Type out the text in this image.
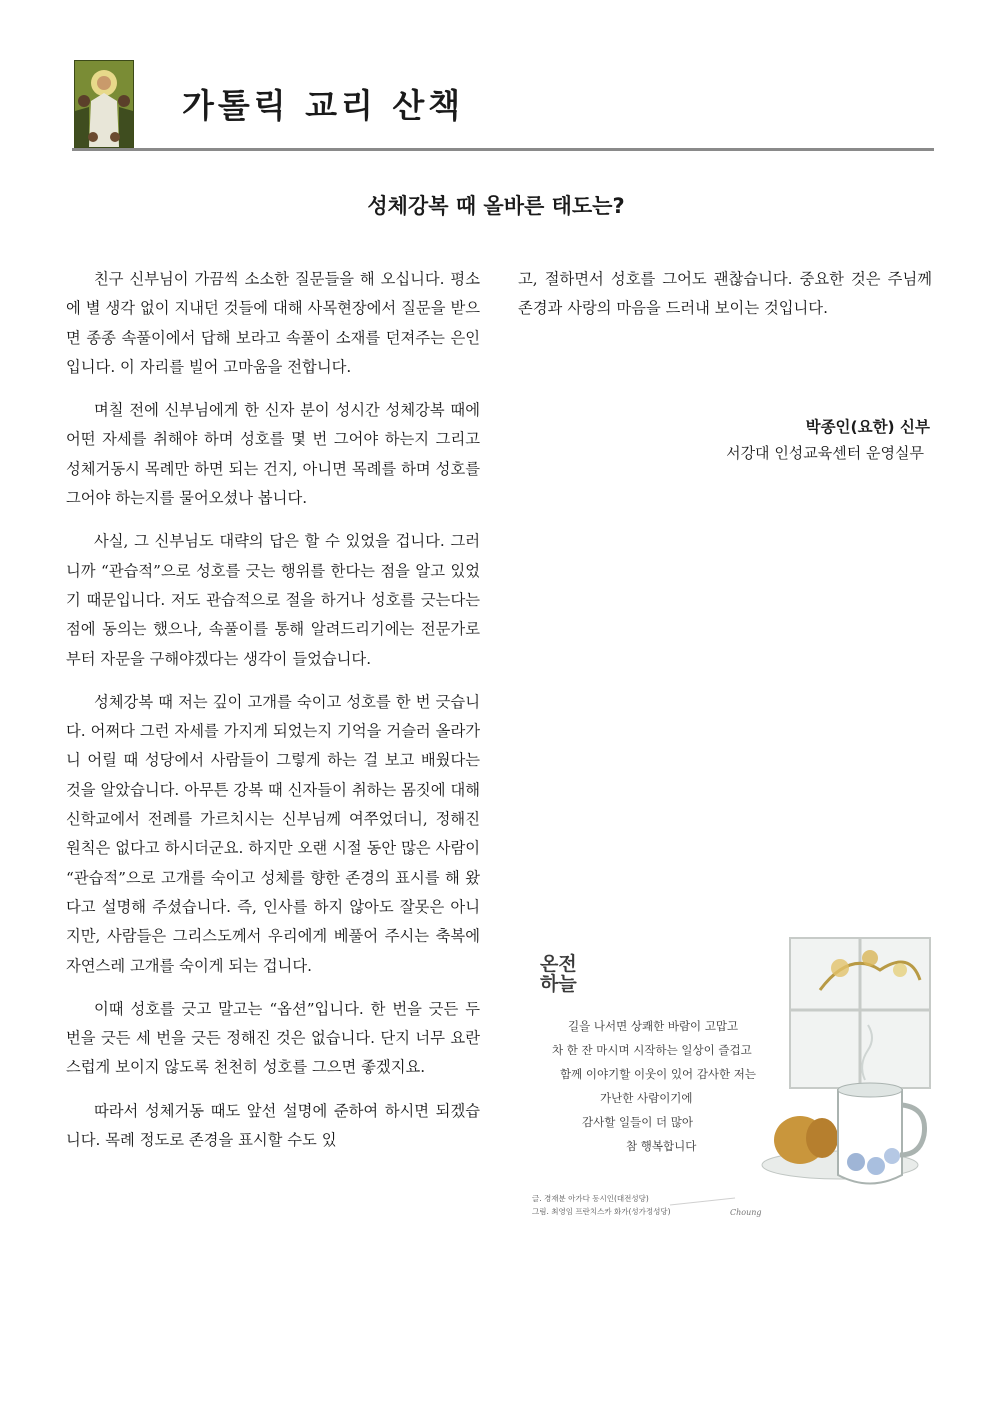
가톨릭 교리 산책
성체강복 때 올바른 태도는?

친구 신부님이 가끔씩 소소한 질문들을 해 오십니다. 평소에 별 생각 없이 지내던 것들에 대해 사목현장에서 질문을 받으면 종종 속풀이에서 답해 보라고 속풀이 소재를 던져주는 은인입니다. 이 자리를 빌어 고마움을 전합니다.

며칠 전에 신부님에게 한 신자 분이 성시간 성체강복 때에 어떤 자세를 취해야 하며 성호를 몇 번 그어야 하는지 그리고 성체거동시 목례만 하면 되는 건지, 아니면 목례를 하며 성호를 그어야 하는지를 물어오셨나 봅니다.

사실, 그 신부님도 대략의 답은 할 수 있었을 겁니다. 그러니까 “관습적”으로 성호를 긋는 행위를 한다는 점을 알고 있었기 때문입니다. 저도 관습적으로 절을 하거나 성호를 긋는다는 점에 동의는 했으나, 속풀이를 통해 알려드리기에는 전문가로부터 자문을 구해야겠다는 생각이 들었습니다.

성체강복 때 저는 깊이 고개를 숙이고 성호를 한 번 긋습니다. 어쩌다 그런 자세를 가지게 되었는지 기억을 거슬러 올라가니 어릴 때 성당에서 사람들이 그렇게 하는 걸 보고 배웠다는 것을 알았습니다. 아무튼 강복 때 신자들이 취하는 몸짓에 대해 신학교에서 전례를 가르치시는 신부님께 여쭈었더니, 정해진 원칙은 없다고 하시더군요. 하지만 오랜 시절 동안 많은 사람이 “관습적”으로 고개를 숙이고 성체를 향한 존경의 표시를 해 왔다고 설명해 주셨습니다. 즉, 인사를 하지 않아도 잘못은 아니지만, 사람들은 그리스도께서 우리에게 베풀어 주시는 축복에 자연스레 고개를 숙이게 되는 겁니다.

이때 성호를 긋고 말고는 “옵션”입니다. 한 번을 긋든 두 번을 긋든 세 번을 긋든 정해진 것은 없습니다. 단지 너무 요란스럽게 보이지 않도록 천천히 성호를 그으면 좋겠지요.

따라서 성체거동 때도 앞선 설명에 준하여 하시면 되겠습니다. 목례 정도로 존경을 표시할 수도 있

고, 절하면서 성호를 그어도 괜찮습니다. 중요한 것은 주님께 존경과 사랑의 마음을 드러내 보이는 것입니다.

박종인(요한) 신부
서강대 인성교육센터 운영실무
온전
하늘
길을 나서면 상쾌한 바람이 고맙고
차 한 잔 마시며 시작하는 일상이 즐겁고
함께 이야기할 이웃이 있어 감사한 저는
가난한 사람이기에
감사할 일들이 더 많아
참 행복합니다
글. 경재분 아가다 동시인(대전성당)
그림. 최영임 프란치스카 화가(성가정성당)	Choung
